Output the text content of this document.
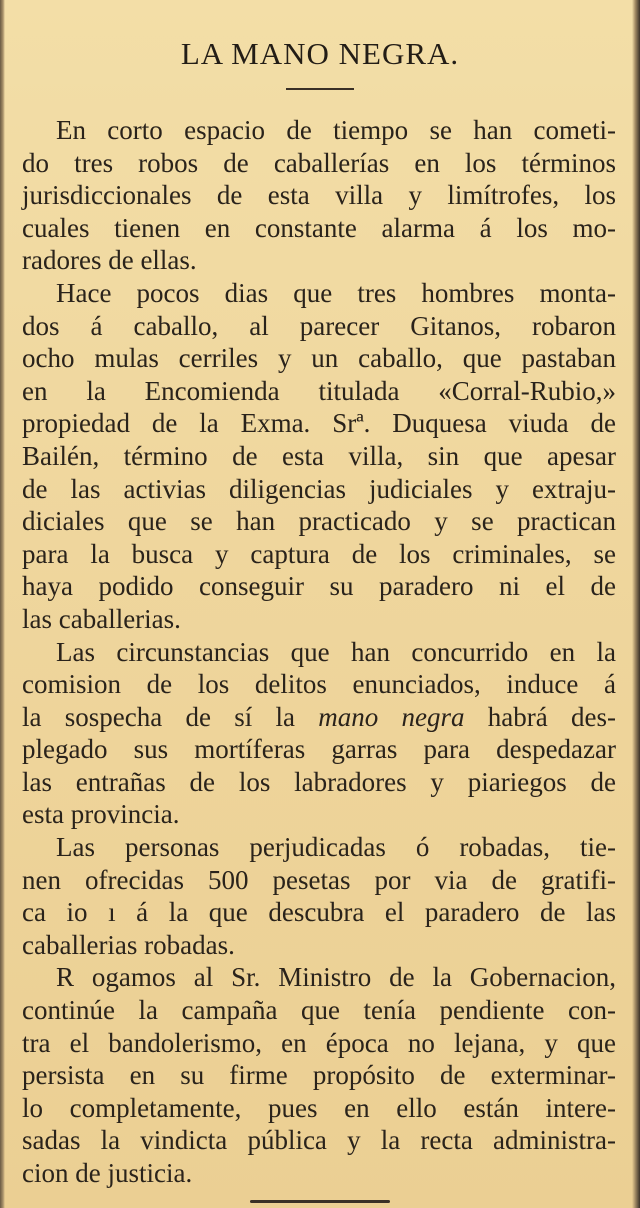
LA MANO NEGRA.

En corto espacio de tiempo se han cometi-
do tres robos de caballerías en los términos
jurisdiccionales de esta villa y limítrofes, los
cuales tienen en constante alarma á los mo-
radores de ellas.

Hace pocos dias que tres hombres monta-
dos á caballo, al parecer Gitanos, robaron
ocho mulas cerriles y un caballo, que pastaban
en la Encomienda titulada «Corral-Rubio,»
propiedad de la Exma. Srª. Duquesa viuda de
Bailén, término de esta villa, sin que apesar
de las activias diligencias judiciales y extraju-
diciales que se han practicado y se practican
para la busca y captura de los criminales, se
haya podido conseguir su paradero ni el de
las caballerias.

Las circunstancias que han concurrido en la
comision de los delitos enunciados, induce á
la sospecha de sí la mano negra habrá des-
plegado sus mortíferas garras para despedazar
las entrañas de los labradores y piariegos de
esta provincia.

Las personas perjudicadas ó robadas, tie-
nen ofrecidas 500 pesetas por via de gratifi-
ca io ı á la que descubra el paradero de las
caballerias robadas.

R ogamos al Sr. Ministro de la Gobernacion,
continúe la campaña que tenía pendiente con-
tra el bandolerismo, en época no lejana, y que
persista en su firme propósito de exterminar-
lo completamente, pues en ello están intere-
sadas la vindicta pública y la recta administra-
cion de justicia.
